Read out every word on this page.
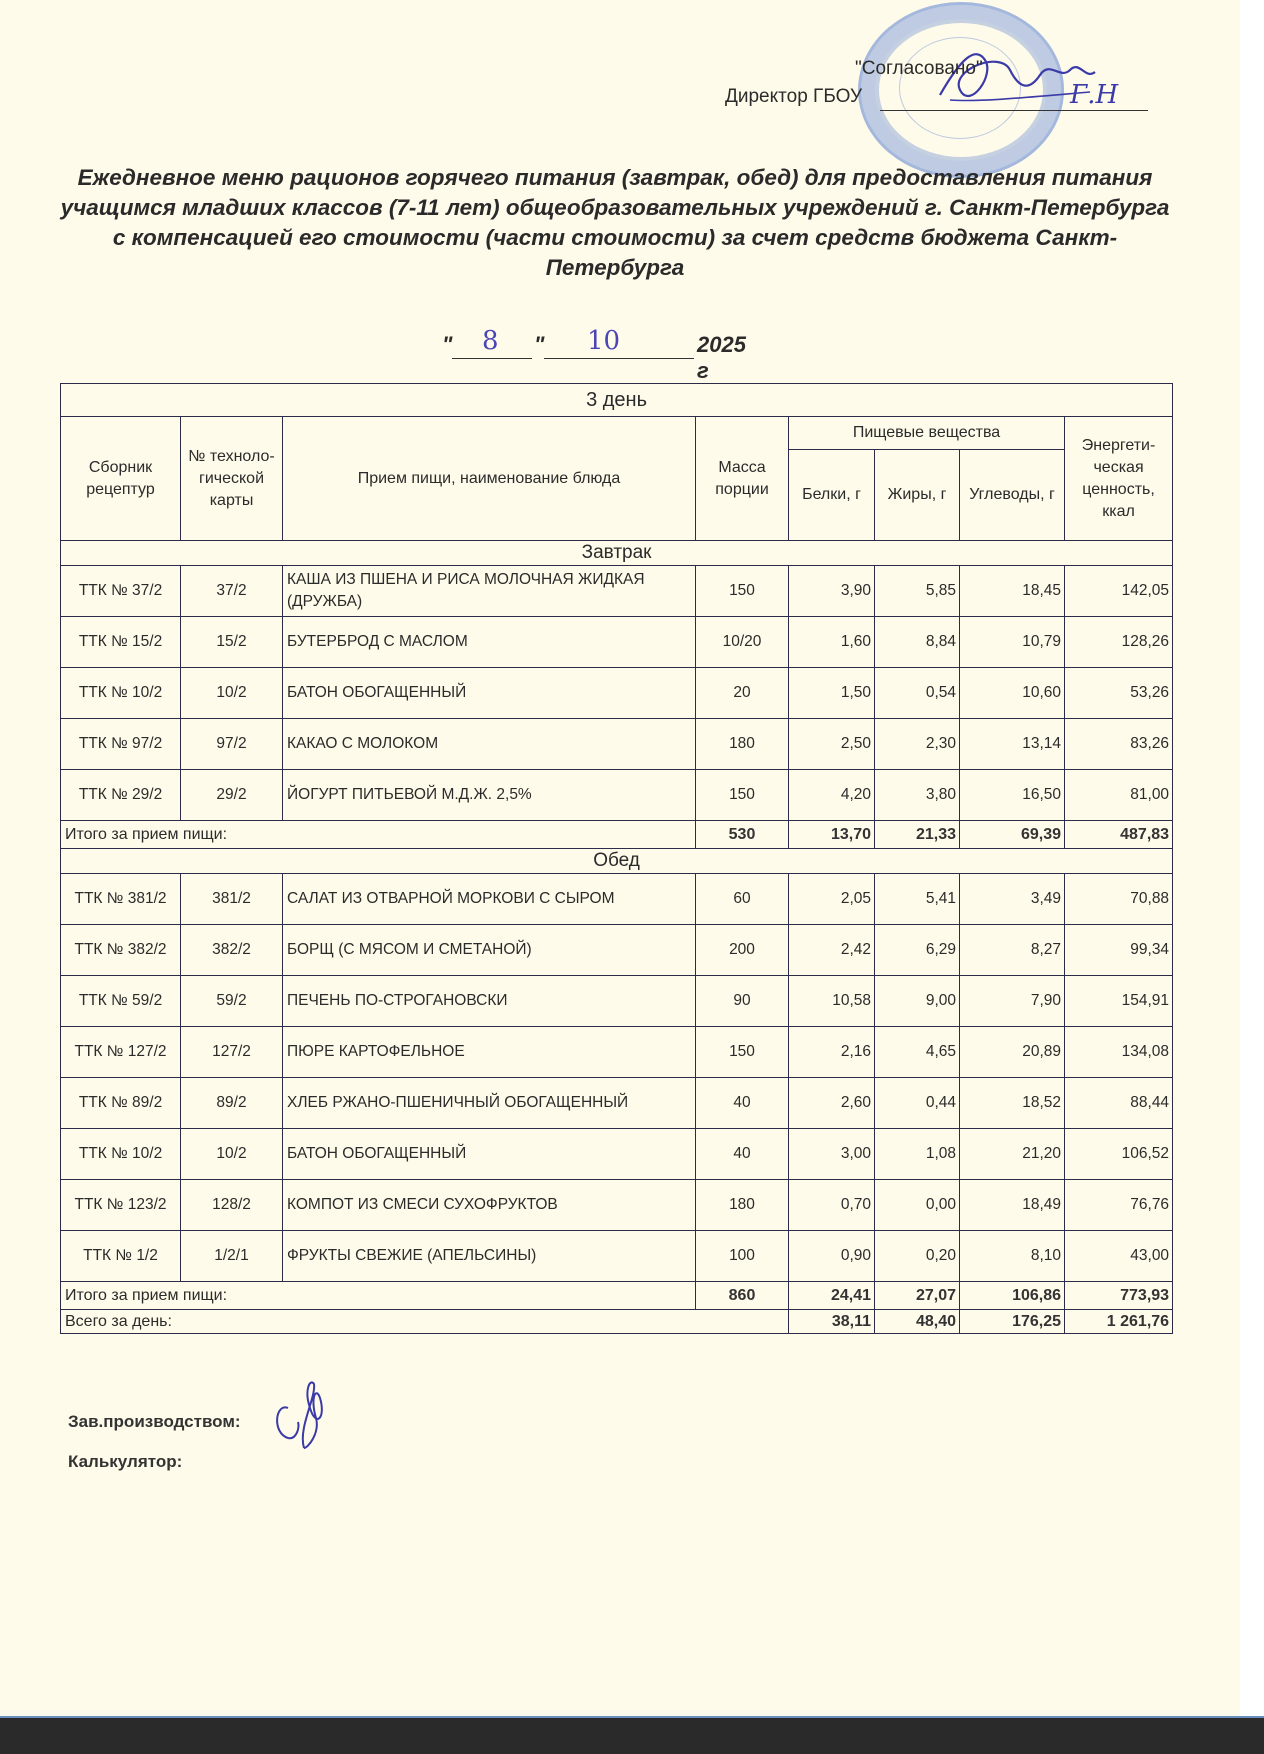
"Согласовано"
Директор ГБОУ	Г.Н
Ежедневное меню рационов горячего питания (завтрак, обед) для предоставления питания учащимся младших классов (7-11 лет) общеобразовательных учреждений г. Санкт-Петербурга с компенсацией его стоимости (части стоимости) за счет средств бюджета Санкт-Петербурга
" 8 " 10	2025 г
3 день							
Сборник рецептур	№ техноло-гической карты	Прием пищи, наименование блюда	Масса порции	Пищевые вещества			Энергети-ческая ценность, ккал
				Белки, г	Жиры, г	Углеводы, г	
Завтрак							
ТТК № 37/2	37/2	КАША ИЗ ПШЕНА И РИСА МОЛОЧНАЯ ЖИДКАЯ (ДРУЖБА)	150	3,90	5,85	18,45	142,05
ТТК № 15/2	15/2	БУТЕРБРОД С МАСЛОМ	10/20	1,60	8,84	10,79	128,26
ТТК № 10/2	10/2	БАТОН ОБОГАЩЕННЫЙ	20	1,50	0,54	10,60	53,26
ТТК № 97/2	97/2	КАКАО С МОЛОКОМ	180	2,50	2,30	13,14	83,26
ТТК № 29/2	29/2	ЙОГУРТ ПИТЬЕВОЙ М.Д.Ж. 2,5%	150	4,20	3,80	16,50	81,00
Итого за прием пищи:			530	13,70	21,33	69,39	487,83
Обед							
ТТК № 381/2	381/2	САЛАТ ИЗ ОТВАРНОЙ МОРКОВИ С СЫРОМ	60	2,05	5,41	3,49	70,88
ТТК № 382/2	382/2	БОРЩ (С МЯСОМ И СМЕТАНОЙ)	200	2,42	6,29	8,27	99,34
ТТК № 59/2	59/2	ПЕЧЕНЬ ПО-СТРОГАНОВСКИ	90	10,58	9,00	7,90	154,91
ТТК № 127/2	127/2	ПЮРЕ КАРТОФЕЛЬНОЕ	150	2,16	4,65	20,89	134,08
ТТК № 89/2	89/2	ХЛЕБ РЖАНО-ПШЕНИЧНЫЙ ОБОГАЩЕННЫЙ	40	2,60	0,44	18,52	88,44
ТТК № 10/2	10/2	БАТОН ОБОГАЩЕННЫЙ	40	3,00	1,08	21,20	106,52
ТТК № 123/2	128/2	КОМПОТ ИЗ СМЕСИ СУХОФРУКТОВ	180	0,70	0,00	18,49	76,76
ТТК № 1/2	1/2/1	ФРУКТЫ СВЕЖИЕ (АПЕЛЬСИНЫ)	100	0,90	0,20	8,10	43,00
Итого за прием пищи:			860	24,41	27,07	106,86	773,93
Всего за день:				38,11	48,40	176,25	1 261,76
Зав.производством:
Калькулятор:
